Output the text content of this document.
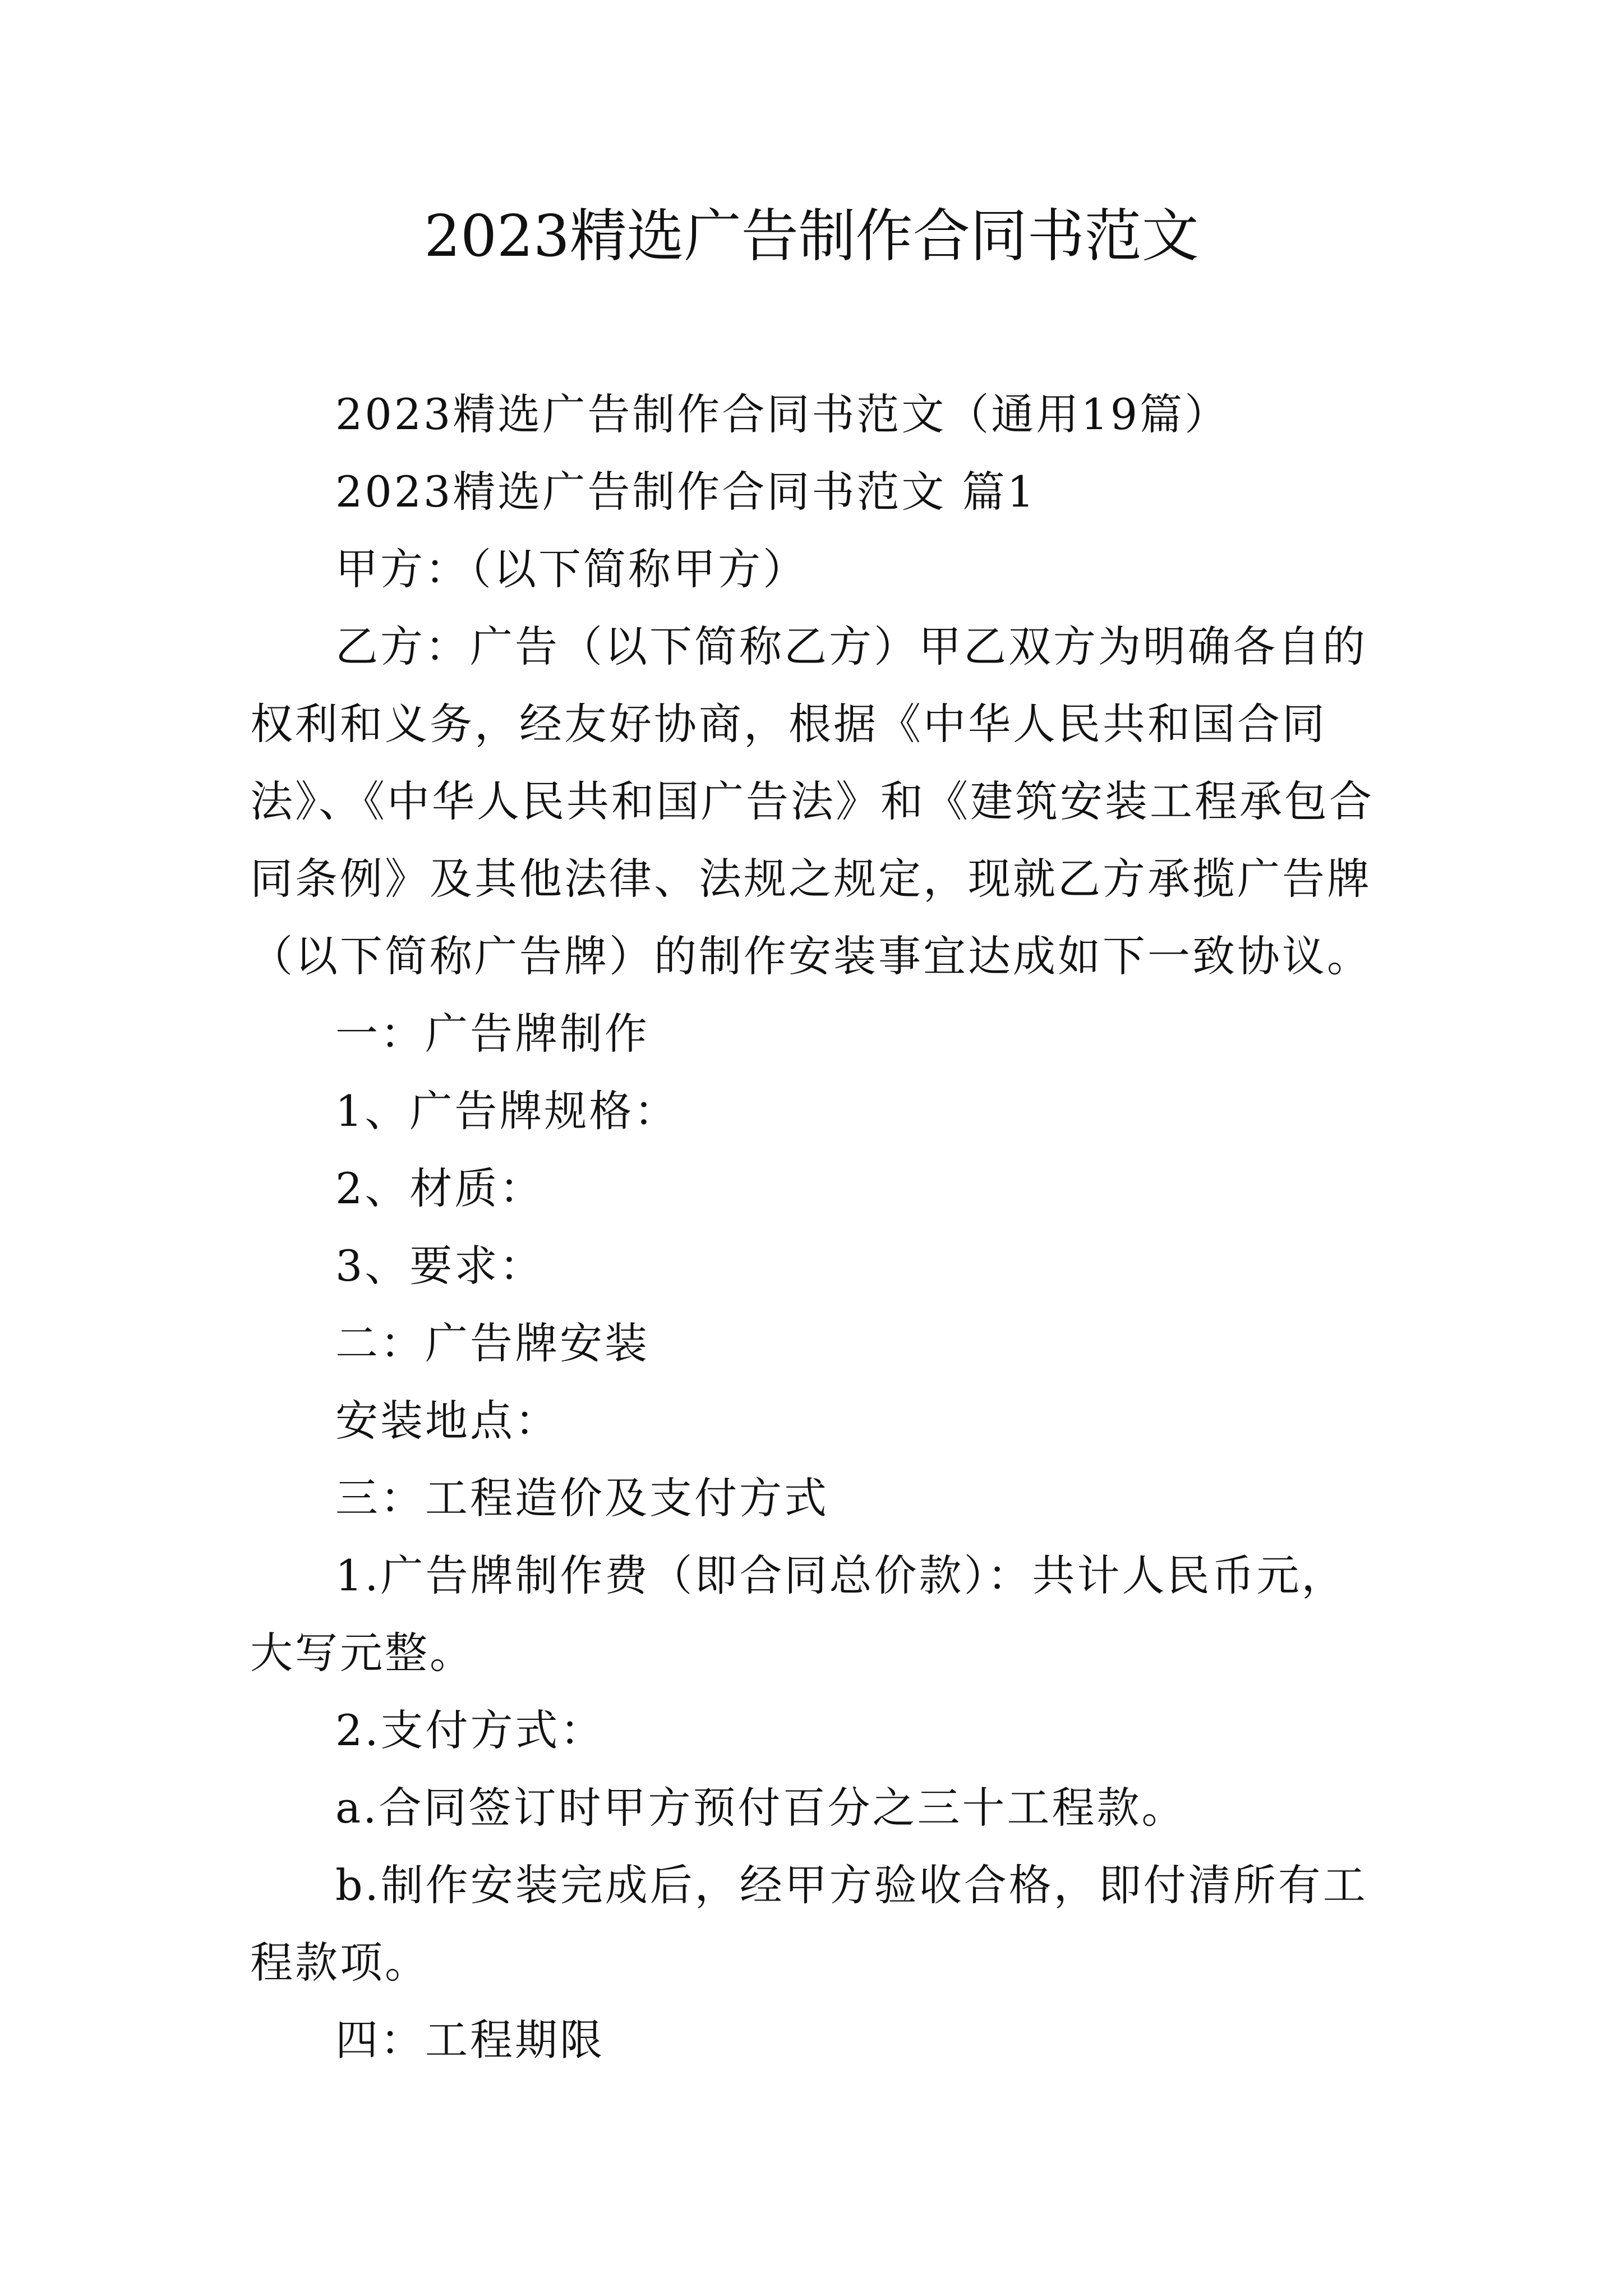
2023精选广告制作合同书范文

2023精选广告制作合同书范文（通用19篇）

2023精选广告制作合同书范文 篇1

甲方：（以下简称甲方）

乙方：广告（以下简称乙方）甲乙双方为明确各自的权利和义务，经友好协商，根据《中华人民共和国合同法》、《中华人民共和国广告法》和《建筑安装工程承包合同条例》及其他法律、法规之规定，现就乙方承揽广告牌（以下简称广告牌）的制作安装事宜达成如下一致协议。

一：广告牌制作

1、广告牌规格：

2、材质：

3、要求：

二：广告牌安装

安装地点：

三：工程造价及支付方式

1.广告牌制作费（即合同总价款）：共计人民币元，大写元整。

2.支付方式：

a.合同签订时甲方预付百分之三十工程款。

b.制作安装完成后，经甲方验收合格，即付清所有工程款项。

四：工程期限
